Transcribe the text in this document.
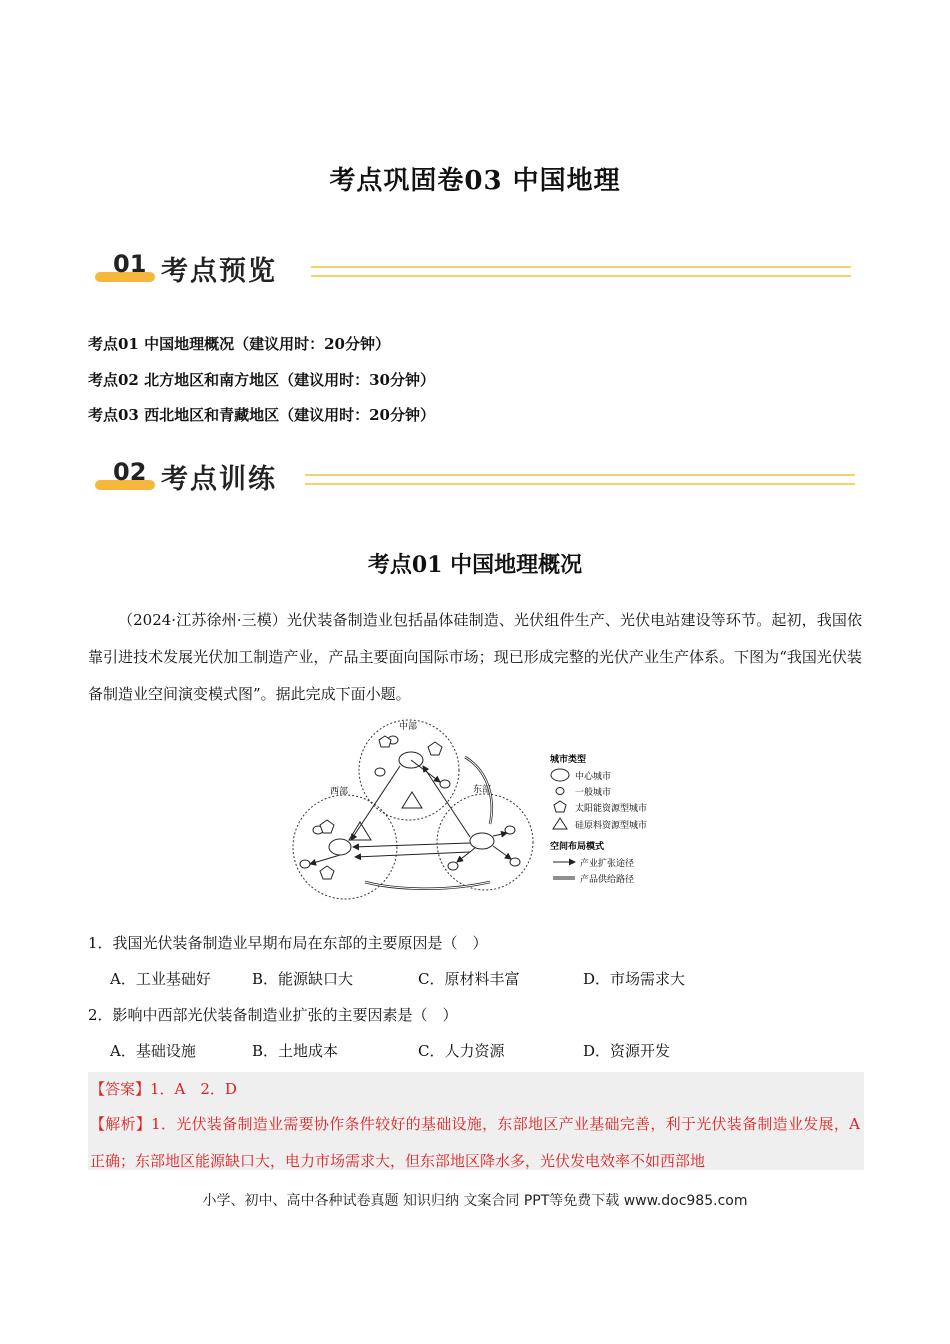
考点巩固卷03 中国地理
01 考点预览
考点01 中国地理概况（建议用时：20分钟）
考点02 北方地区和南方地区（建议用时：30分钟）
考点03 西北地区和青藏地区（建议用时：20分钟）
02 考点训练
考点01 中国地理概况
（2024·江苏徐州·三模）光伏装备制造业包括晶体硅制造、光伏组件生产、光伏电站建设等环节。起初，我国依靠引进技术发展光伏加工制造产业，产品主要面向国际市场；现已形成完整的光伏产业生产体系。下图为“我国光伏装备制造业空间演变模式图”。据此完成下面小题。
中部
西部	东部
城市类型
中心城市
一般城市
太阳能资源型城市
硅原料资源型城市
空间布局模式
产业扩张途径
产品供给路径
1．我国光伏装备制造业早期布局在东部的主要原因是（　）
A．工业基础好	B．能源缺口大	C．原材料丰富	D．市场需求大
2．影响中西部光伏装备制造业扩张的主要因素是（　）
A．基础设施	B．土地成本	C．人力资源	D．资源开发
【答案】1．A　2．D
【解析】1．光伏装备制造业需要协作条件较好的基础设施，东部地区产业基础完善，利于光伏装备制造业发展，A正确；东部地区能源缺口大，电力市场需求大，但东部地区降水多，光伏发电效率不如西部地
小学、初中、高中各种试卷真题 知识归纳 文案合同 PPT等免费下载 www.doc985.com
